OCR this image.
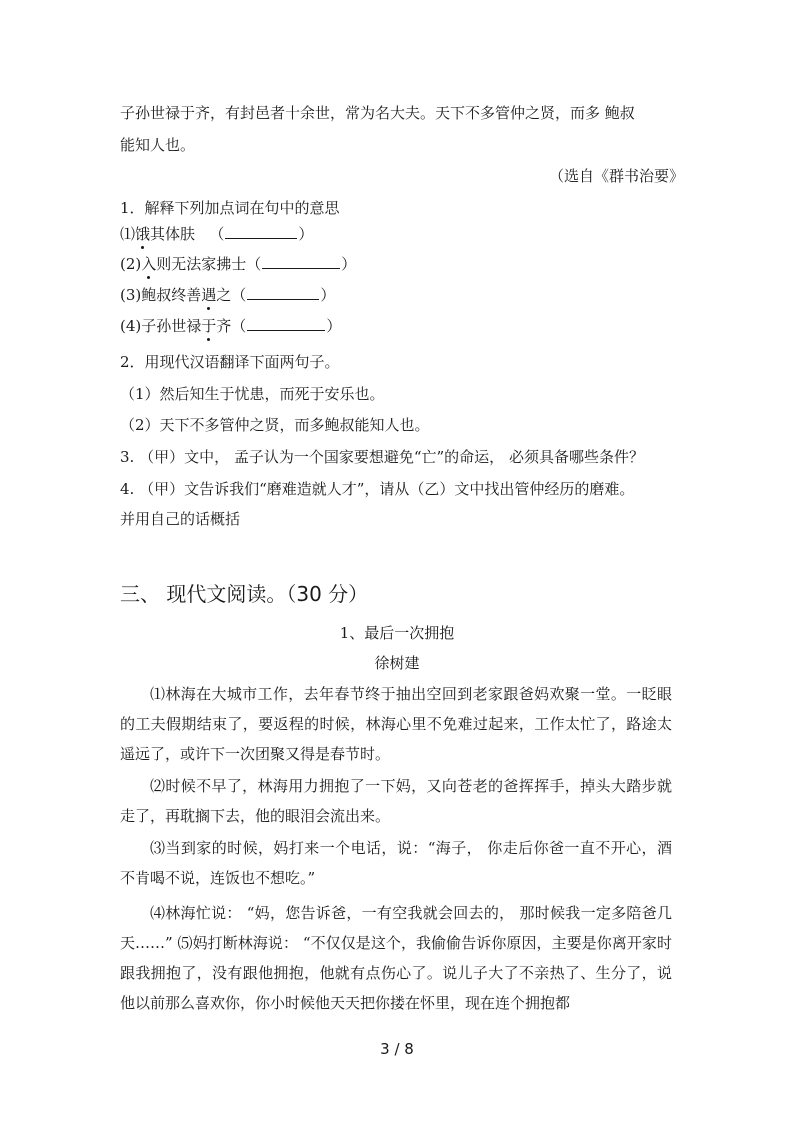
子孙世禄于齐，有封邑者十余世，常为名大夫。天下不多管仲之贤，而多 鲍叔

能知人也。

（选自《群书治要》

1．解释下列加点词在句中的意思

⑴饿其体肤 （	）

(2)入则无法家拂士（	）

(3)鲍叔终善遇之（	）

(4)子孙世禄于齐（	）

2．用现代汉语翻译下面两句子。

（1）然后知生于忧患，而死于安乐也。

（2）天下不多管仲之贤，而多鲍叔能知人也。

3. （甲）文中， 孟子认为一个国家要想避免“亡”的命运， 必须具备哪些条件？

4. （甲）文告诉我们“磨难造就人才”，请从（乙）文中找出管仲经历的磨难。

并用自己的话概括

三、 现代文阅读。（30 分）

1、最后一次拥抱

徐树建

⑴林海在大城市工作，去年春节终于抽出空回到老家跟爸妈欢聚一堂。一眨眼的工夫假期结束了，要返程的时候，林海心里不免难过起来，工作太忙了，路途太遥远了，或许下一次团聚又得是春节时。

⑵时候不早了，林海用力拥抱了一下妈，又向苍老的爸挥挥手，掉头大踏步就走了，再耽搁下去，他的眼泪会流出来。

⑶当到家的时候，妈打来一个电话，说：“海子， 你走后你爸一直不开心，酒不肯喝不说，连饭也不想吃。”

⑷林海忙说： “妈，您告诉爸，一有空我就会回去的， 那时候我一定多陪爸几天……” ⑸妈打断林海说： “不仅仅是这个，我偷偷告诉你原因，主要是你离开家时跟我拥抱了，没有跟他拥抱，他就有点伤心了。说儿子大了不亲热了、生分了，说他以前那么喜欢你，你小时候他天天把你搂在怀里，现在连个拥抱都

3 / 8
